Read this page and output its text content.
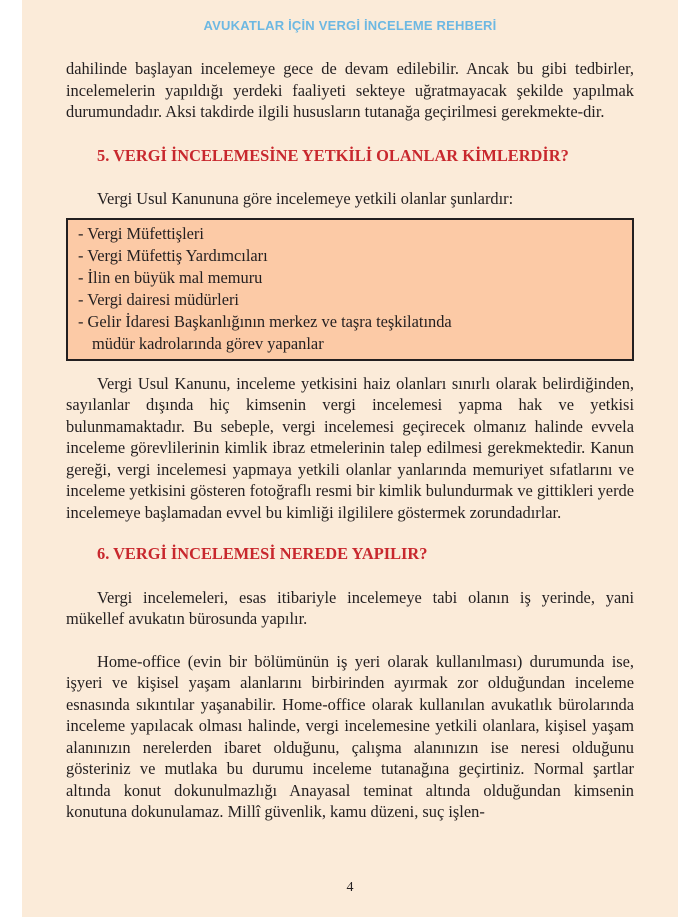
AVUKATLAR İÇİN VERGİ İNCELEME REHBERİ

dahilinde başlayan incelemeye gece de devam edilebilir. Ancak bu gibi tedbirler, incelemelerin yapıldığı yerdeki faaliyeti sekteye uğratmayacak şekilde yapılmak durumundadır. Aksi takdirde ilgili hususların tutanağa geçirilmesi gerekmekte-dir.

5. VERGİ İNCELEMESİNE YETKİLİ OLANLAR KİMLERDİR?

Vergi Usul Kanununa göre incelemeye yetkili olanlar şunlardır:

- Vergi Müfettişleri
- Vergi Müfettiş Yardımcıları
- İlin en büyük mal memuru
- Vergi dairesi müdürleri
- Gelir İdaresi Başkanlığının merkez ve taşra teşkilatında
müdür kadrolarında görev yapanlar

Vergi Usul Kanunu, inceleme yetkisini haiz olanları sınırlı olarak belirdiğinden, sayılanlar dışında hiç kimsenin vergi incelemesi yapma hak ve yetkisi bulunmamaktadır. Bu sebeple, vergi incelemesi geçirecek olmanız halinde evvela inceleme görevlilerinin kimlik ibraz etmelerinin talep edilmesi gerekmektedir. Kanun gereği, vergi incelemesi yapmaya yetkili olanlar yanlarında memuriyet sıfatlarını ve inceleme yetkisini gösteren fotoğraflı resmi bir kimlik bulundurmak ve gittikleri yerde incelemeye başlamadan evvel bu kimliği ilgililere göstermek zorundadırlar.

6. VERGİ İNCELEMESİ NEREDE YAPILIR?

Vergi incelemeleri, esas itibariyle incelemeye tabi olanın iş yerinde, yani mükellef avukatın bürosunda yapılır.

Home-office (evin bir bölümünün iş yeri olarak kullanılması) durumunda ise, işyeri ve kişisel yaşam alanlarını birbirinden ayırmak zor olduğundan inceleme esnasında sıkıntılar yaşanabilir. Home-office olarak kullanılan avukatlık bürolarında inceleme yapılacak olması halinde, vergi incelemesine yetkili olanlara, kişisel yaşam alanınızın nerelerden ibaret olduğunu, çalışma alanınızın ise neresi olduğunu gösteriniz ve mutlaka bu durumu inceleme tutanağına geçirtiniz. Normal şartlar altında konut dokunulmazlığı Anayasal teminat altında olduğundan kimsenin konutuna dokunulamaz. Millî güvenlik, kamu düzeni, suç işlen-

4
